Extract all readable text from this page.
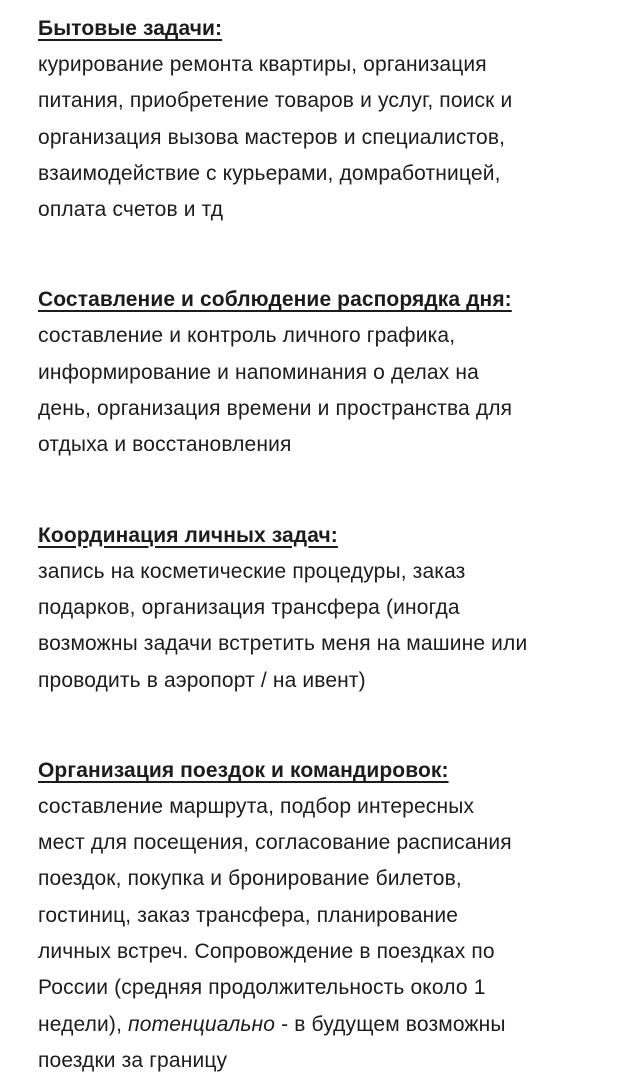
Бытовые задачи:

курирование ремонта квартиры, организация
питания, приобретение товаров и услуг, поиск и
организация вызова мастеров и специалистов,
взаимодействие с курьерами, домработницей,
оплата счетов и тд

Составление и соблюдение распорядка дня:

составление и контроль личного графика,
информирование и напоминания о делах на
день, организация времени и пространства для
отдыха и восстановления

Координация личных задач:

запись на косметические процедуры, заказ
подарков, организация трансфера (иногда
возможны задачи встретить меня на машине или
проводить в аэропорт / на ивент)

Организация поездок и командировок:

составление маршрута, подбор интересных
мест для посещения, согласование расписания
поездок, покупка и бронирование билетов,
гостиниц, заказ трансфера, планирование
личных встреч. Сопровождение в поездках по
России (средняя продолжительность около 1
недели), потенциально - в будущем возможны
поездки за границу
